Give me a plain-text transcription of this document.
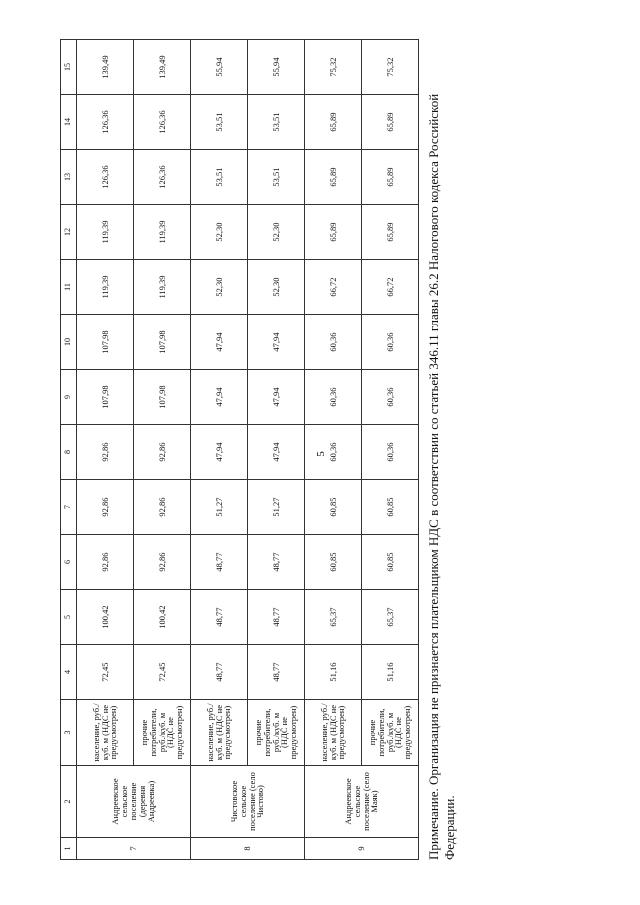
5
1	2	3	4	5	6	7	8	9	10	11	12	13	14	15
7	Андреевское сельское поселение (деревня Андреевка)	население, руб./куб. м (НДС не предусмотрен)	72,45	100,42	92,86	92,86	92,86	107,98	107,98	119,39	119,39	126,36	126,36	139,49
		прочие потребители, руб./куб. м (НДС не предусмотрен)	72,45	100,42	92,86	92,86	92,86	107,98	107,98	119,39	119,39	126,36	126,36	139,49
8	Чистовское сельское поселение (село Чистово)	население, руб./куб. м (НДС не предусмотрен)	48,77	48,77	48,77	51,27	47,94	47,94	47,94	52,30	52,30	53,51	53,51	55,94
		прочие потребители, руб./куб. м (НДС не предусмотрен)	48,77	48,77	48,77	51,27	47,94	47,94	47,94	52,30	52,30	53,51	53,51	55,94
9	Андреевское сельское поселение (село Маяк)	население, руб./куб. м (НДС не предусмотрен)	51,16	65,37	60,85	60,85	60,36	60,36	60,36	66,72	65,89	65,89	65,89	75,32
		прочие потребители, руб./куб. м (НДС не предусмотрен)	51,16	65,37	60,85	60,85	60,36	60,36	60,36	66,72	65,89	65,89	65,89	75,32
Примечание. Организация не признается плательщиком НДС в соответствии со статьей 346.11 главы 26.2 Налогового кодекса Российской Федерации.
